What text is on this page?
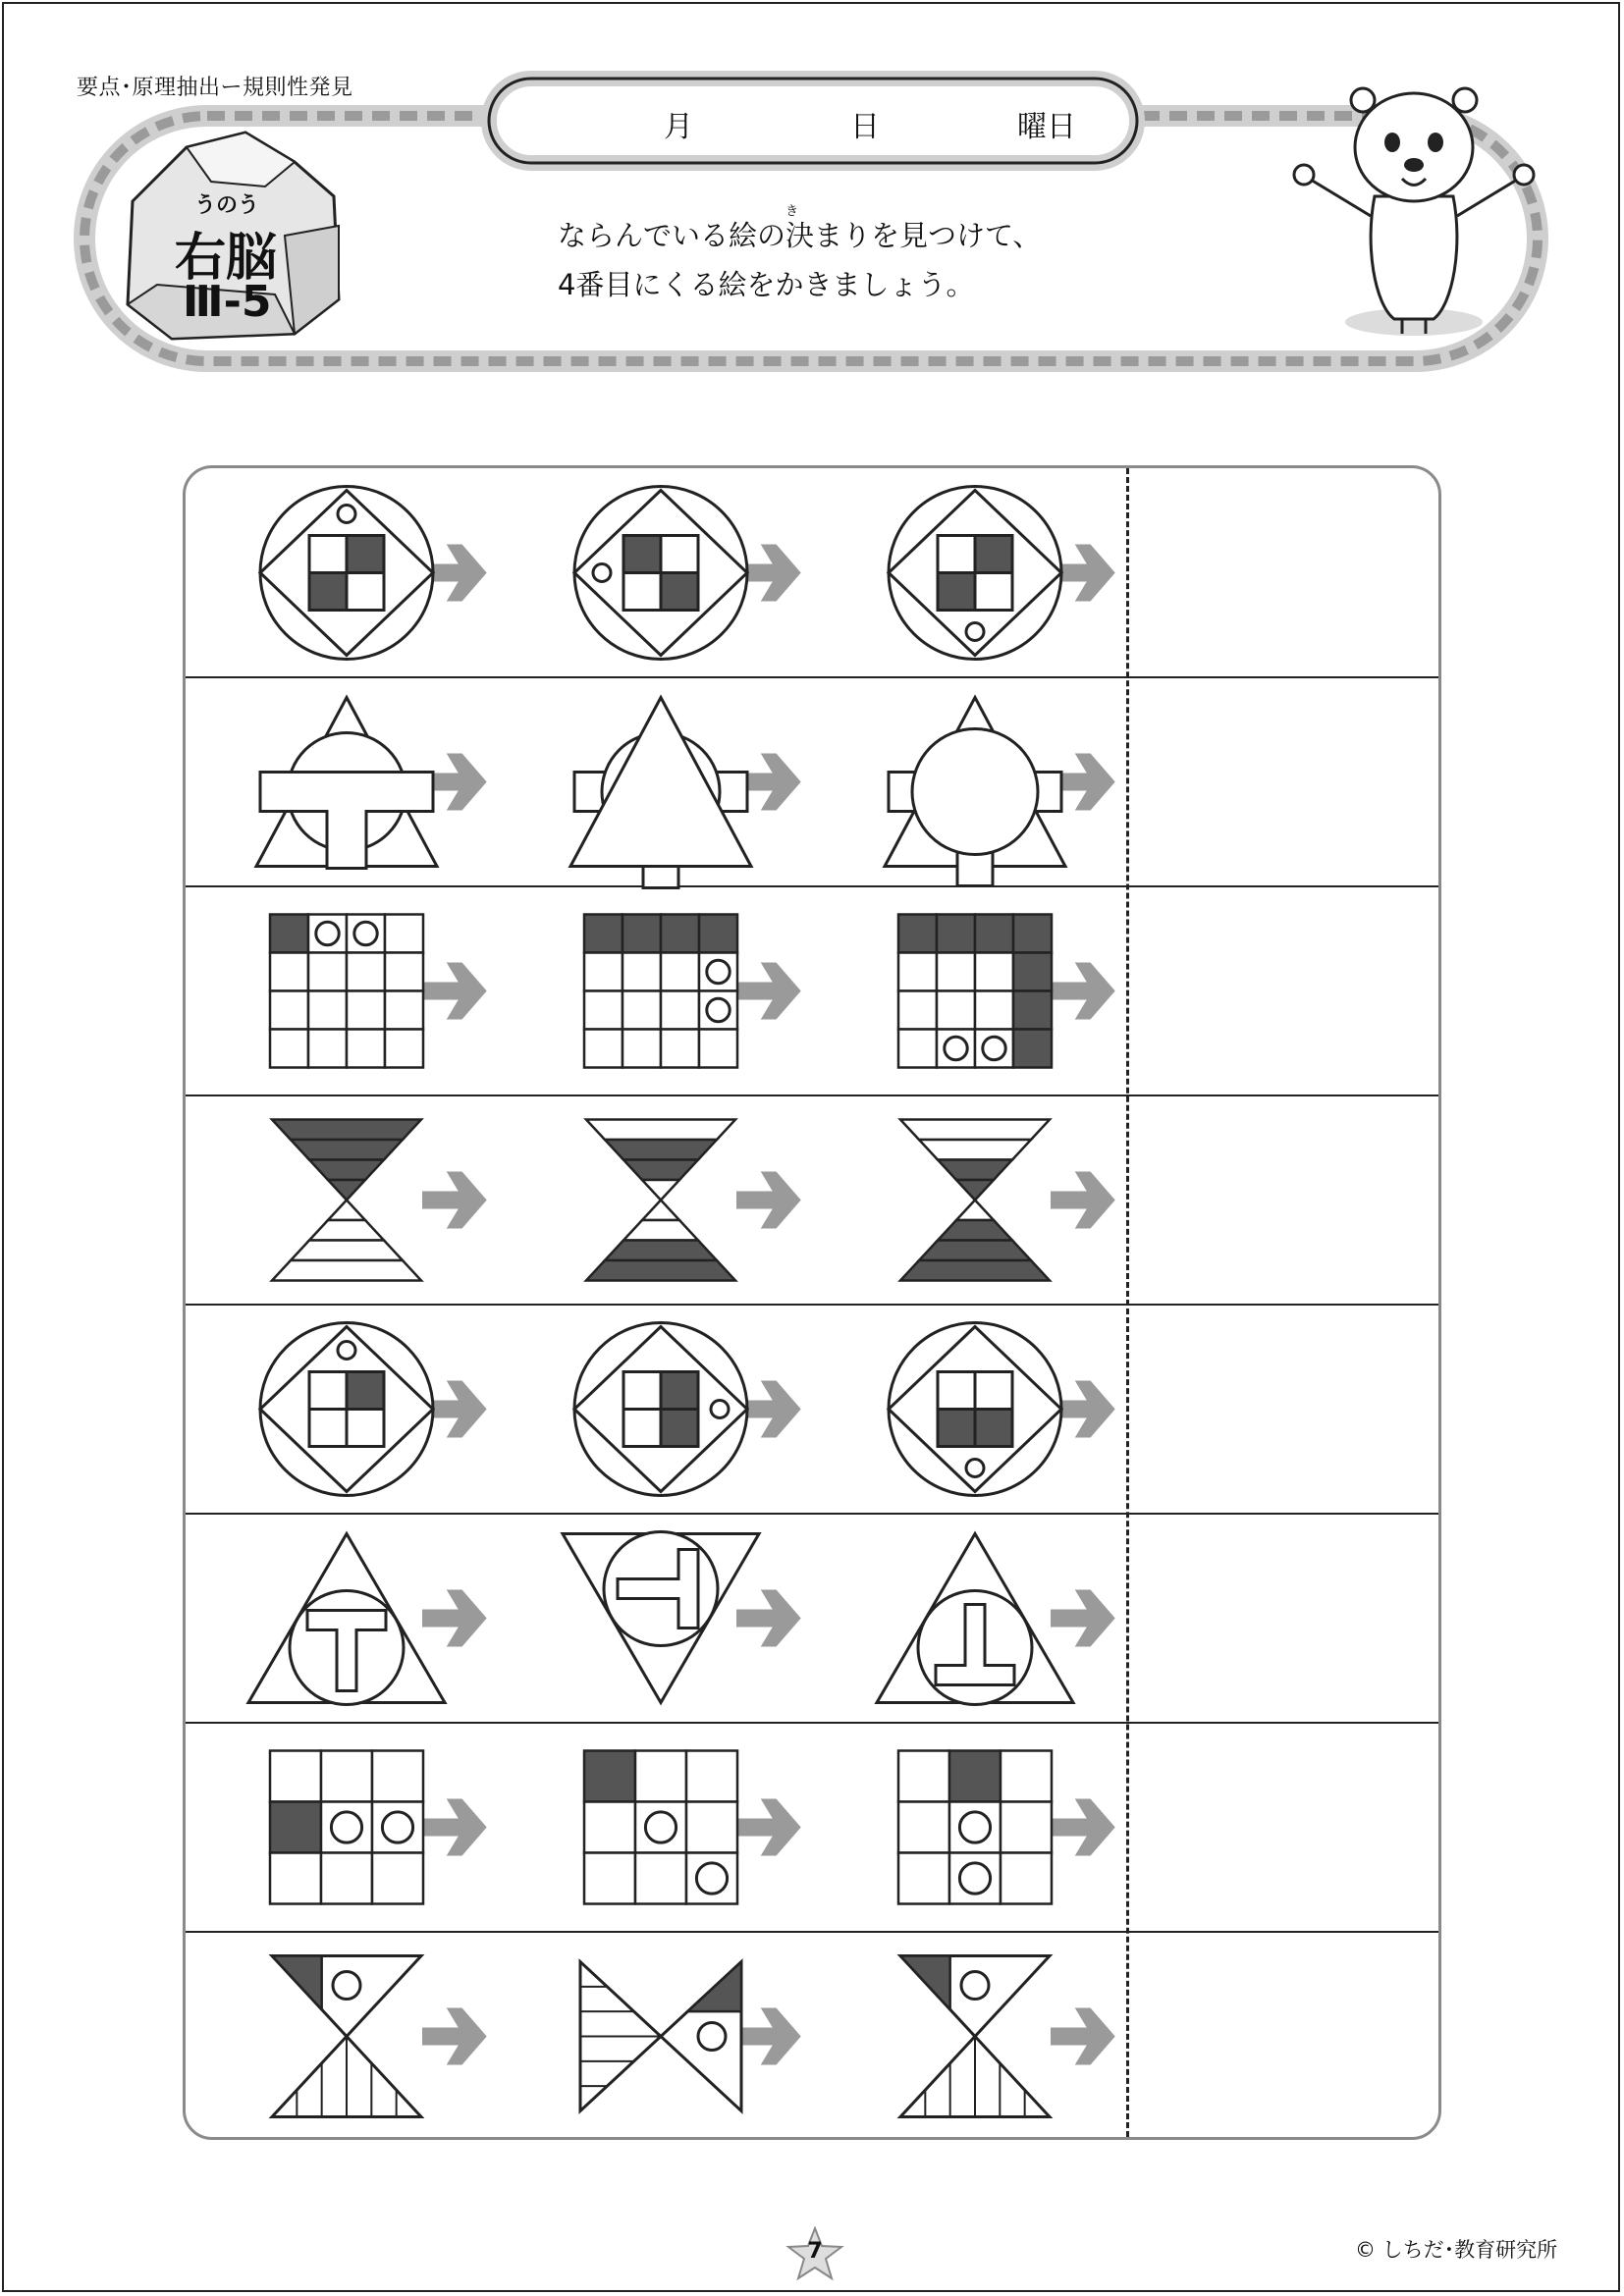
要点･原理抽出ー規則性発見
うのう
右脳
Ⅲ-5
月	日	曜日
き
ならんでいる絵の決まりを見つけて、
4番目にくる絵をかきましょう。
7	© しちだ･教育研究所
